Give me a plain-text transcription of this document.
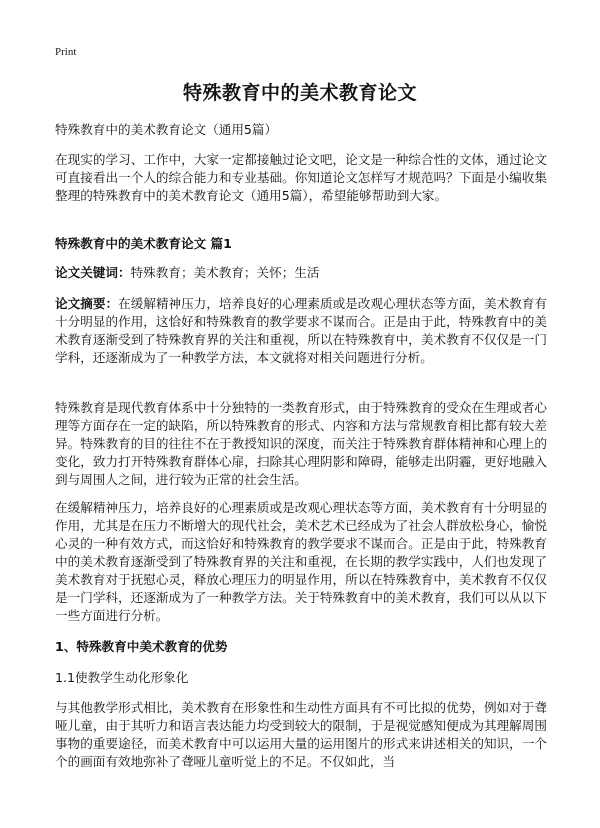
Print
特殊教育中的美术教育论文
特殊教育中的美术教育论文（通用5篇）
在现实的学习、工作中，大家一定都接触过论文吧，论文是一种综合性的文体，通过论文可直接看出一个人的综合能力和专业基础。你知道论文怎样写才规范吗？下面是小编收集整理的特殊教育中的美术教育论文（通用5篇），希望能够帮助到大家。
特殊教育中的美术教育论文 篇1
论文关键词：特殊教育；美术教育；关怀；生活
论文摘要：在缓解精神压力，培养良好的心理素质或是改观心理状态等方面，美术教育有十分明显的作用，这恰好和特殊教育的教学要求不谋而合。正是由于此，特殊教育中的美术教育逐渐受到了特殊教育界的关注和重视，所以在特殊教育中，美术教育不仅仅是一门学科，还逐渐成为了一种教学方法，本文就将对相关问题进行分析。
特殊教育是现代教育体系中十分独特的一类教育形式，由于特殊教育的受众在生理或者心理等方面存在一定的缺陷，所以特殊教育的形式、内容和方法与常规教育相比都有较大差异。特殊教育的目的往往不在于教授知识的深度，而关注于特殊教育群体精神和心理上的变化，致力打开特殊教育群体心扉，扫除其心理阴影和障碍，能够走出阴霾，更好地融入到与周围人之间，进行较为正常的社会生活。
在缓解精神压力，培养良好的心理素质或是改观心理状态等方面，美术教育有十分明显的作用，尤其是在压力不断增大的现代社会，美术艺术已经成为了社会人群放松身心，愉悦心灵的一种有效方式，而这恰好和特殊教育的教学要求不谋而合。正是由于此，特殊教育中的美术教育逐渐受到了特殊教育界的关注和重视，在长期的教学实践中，人们也发现了美术教育对于抚慰心灵，释放心理压力的明显作用，所以在特殊教育中，美术教育不仅仅是一门学科，还逐渐成为了一种教学方法。关于特殊教育中的美术教育，我们可以从以下一些方面进行分析。
1、特殊教育中美术教育的优势
1.1使教学生动化形象化
与其他教学形式相比，美术教育在形象性和生动性方面具有不可比拟的优势，例如对于聋哑儿童，由于其听力和语言表达能力均受到较大的限制，于是视觉感知便成为其理解周围事物的重要途径，而美术教育中可以运用大量的运用图片的形式来讲述相关的知识，一个个的画面有效地弥补了聋哑儿童听觉上的不足。不仅如此，当
